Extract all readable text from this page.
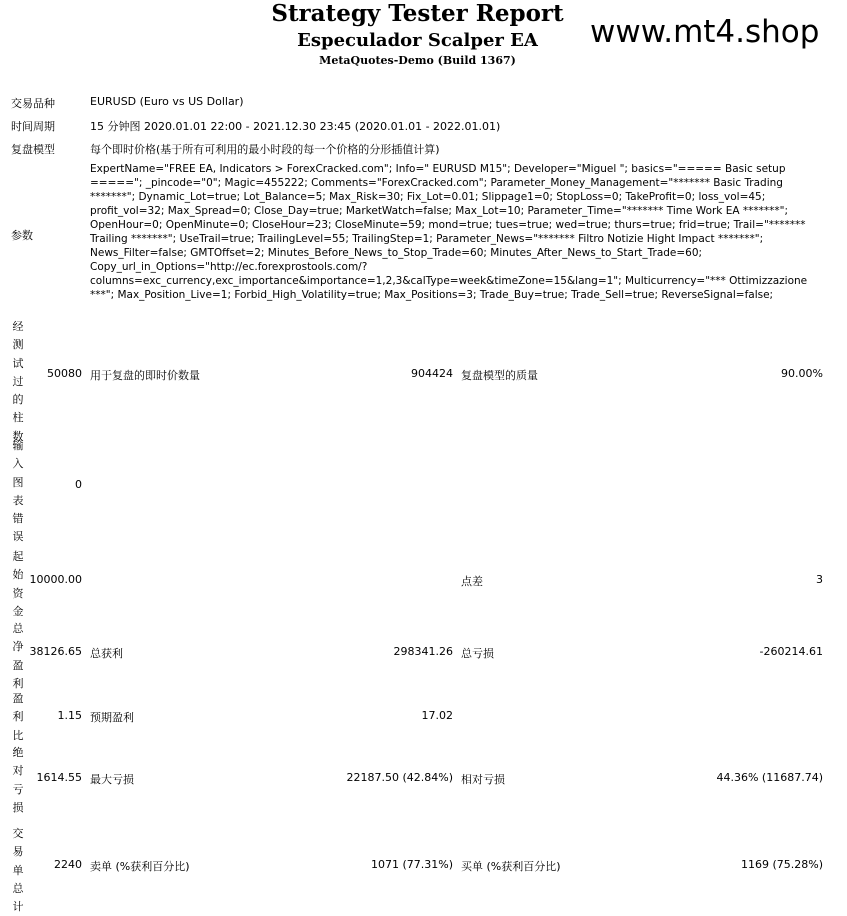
Strategy Tester Report
Especulador Scalper EA
MetaQuotes-Demo (Build 1367)
www.mt4.shop
交易品种	EURUSD (Euro vs US Dollar)
时间周期	15 分钟图 2020.01.01 22:00 - 2021.12.30 23:45 (2020.01.01 - 2022.01.01)
复盘模型	每个即时价格(基于所有可利用的最小时段的每一个价格的分形插值计算)
参数
ExpertName="FREE EA, Indicators > ForexCracked.com"; Info=" EURUSD M15"; Developer="Miguel "; basics="===== Basic setup ====="; _pincode="0"; Magic=455222; Comments="ForexCracked.com"; Parameter_Money_Management="******* Basic Trading *******"; Dynamic_Lot=true; Lot_Balance=5; Max_Risk=30; Fix_Lot=0.01; Slippage1=0; StopLoss=0; TakeProfit=0; loss_vol=45; profit_vol=32; Max_Spread=0; Close_Day=true; MarketWatch=false; Max_Lot=10; Parameter_Time="******* Time Work EA *******"; OpenHour=0; OpenMinute=0; CloseHour=23; CloseMinute=59; mond=true; tues=true; wed=true; thurs=true; frid=true; Trail="******* Trailing *******"; UseTrail=true; TrailingLevel=55; TrailingStep=1; Parameter_News="******* Filtro Notizie Hight Impact *******"; News_Filter=false; GMTOffset=2; Minutes_Before_News_to_Stop_Trade=60; Minutes_After_News_to_Start_Trade=60; Copy_url_in_Options="http://ec.forexprostools.com/?columns=exc_currency,exc_importance&importance=1,2,3&calType=week&timeZone=15&lang=1"; Multicurrency="*** Ottimizzazione ***"; Max_Position_Live=1; Forbid_High_Volatility=true; Max_Positions=3; Trade_Buy=true; Trade_Sell=true; ReverseSignal=false;
经测试过的柱数
50080 用于复盘的即时价数量	904424 复盘模型的质量	90.00%
输入图表错误
0
起始资金
10000.00	点差	3
总净盈利
38126.65 总获利	298341.26 总亏损	-260214.61
盈利比
1.15 预期盈利	17.02
绝对亏损
1614.55 最大亏损	22187.50 (42.84%) 相对亏损	44.36% (11687.74)
交易单总计
2240 卖单 (%获利百分比)	1071 (77.31%) 买单 (%获利百分比)	1169 (75.28%)
